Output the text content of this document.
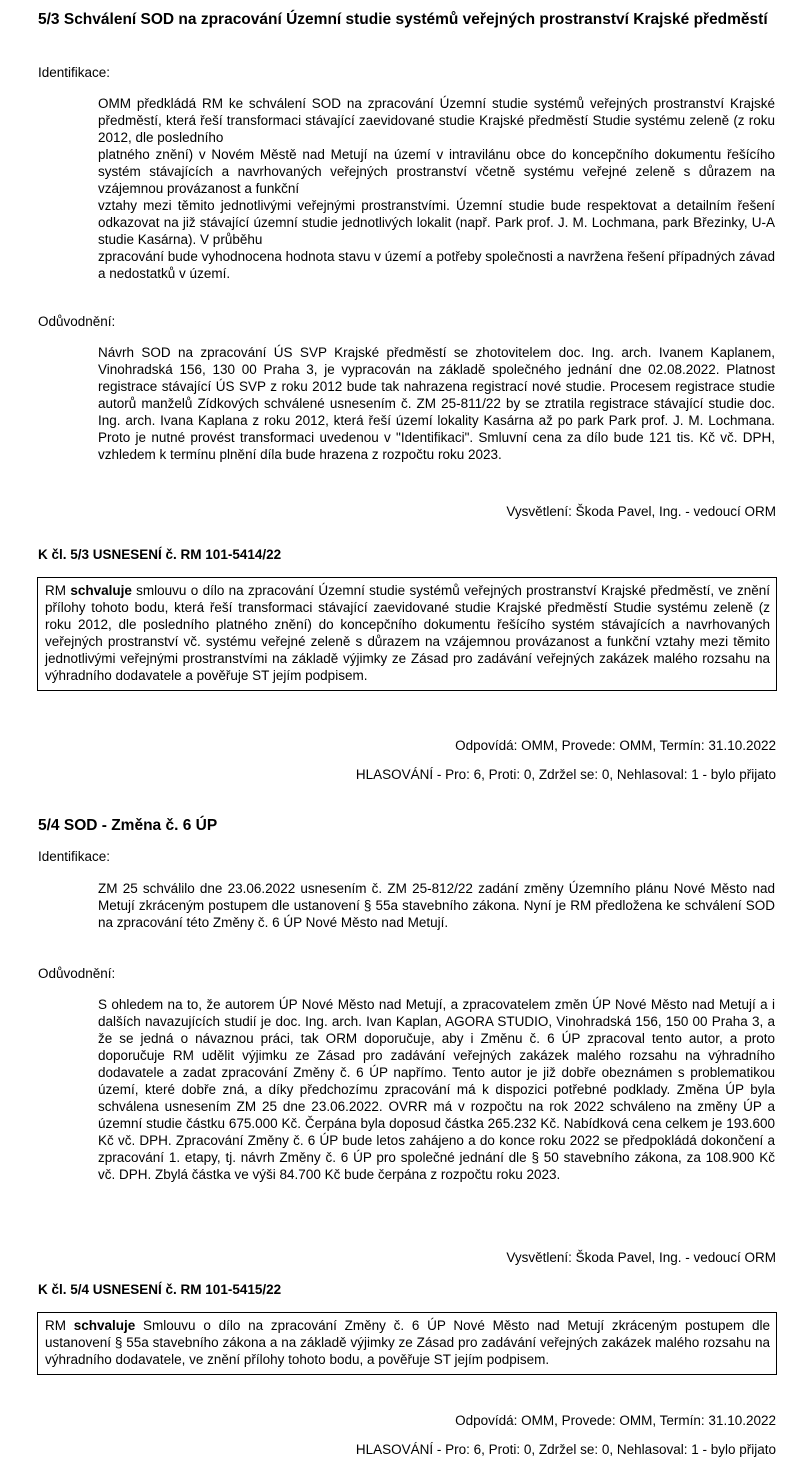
5/3 Schválení SOD na zpracování Územní studie systémů veřejných prostranství Krajské předměstí
Identifikace:

OMM předkládá RM ke schválení SOD na zpracování Územní studie systémů veřejných prostranství Krajské předměstí, která řeší transformaci stávající zaevidované studie Krajské předměstí Studie systému zeleně (z roku 2012, dle posledního

platného znění) v Novém Městě nad Metují na území v intravilánu obce do koncepčního dokumentu řešícího systém stávajících a navrhovaných veřejných prostranství včetně systému veřejné zeleně s důrazem na vzájemnou provázanost a funkční

vztahy mezi těmito jednotlivými veřejnými prostranstvími. Územní studie bude respektovat a detailním řešení odkazovat na již stávající územní studie jednotlivých lokalit (např. Park prof. J. M. Lochmana, park Březinky, U-A studie Kasárna). V průběhu

zpracování bude vyhodnocena hodnota stavu v území a potřeby společnosti a navržena řešení případných závad a nedostatků v území.

Odůvodnění:
Návrh SOD na zpracování ÚS SVP Krajské předměstí se zhotovitelem doc. Ing. arch. Ivanem Kaplanem, Vinohradská 156, 130 00 Praha 3, je vypracován na základě společného jednání dne 02.08.2022. Platnost registrace stávající ÚS SVP z roku 2012 bude tak nahrazena registrací nové studie. Procesem registrace studie autorů manželů Zídkových schválené usnesením č. ZM 25-811/22 by se ztratila registrace stávající studie doc. Ing. arch. Ivana Kaplana z roku 2012, která řeší území lokality Kasárna až po park Park prof. J. M. Lochmana. Proto je nutné provést transformaci uvedenou v "Identifikaci". Smluvní cena za dílo bude 121 tis. Kč vč. DPH, vzhledem k termínu plnění díla bude hrazena z rozpočtu roku 2023.
Vysvětlení: Škoda Pavel, Ing. - vedoucí ORM
K čl. 5/3 USNESENÍ č. RM 101-5414/22
RM schvaluje smlouvu o dílo na zpracování Územní studie systémů veřejných prostranství Krajské předměstí, ve znění přílohy tohoto bodu, která řeší transformaci stávající zaevidované studie Krajské předměstí Studie systému zeleně (z roku 2012, dle posledního platného znění) do koncepčního dokumentu řešícího systém stávajících a navrhovaných veřejných prostranství vč. systému veřejné zeleně s důrazem na vzájemnou provázanost a funkční vztahy mezi těmito jednotlivými veřejnými prostranstvími na základě výjimky ze Zásad pro zadávání veřejných zakázek malého rozsahu na výhradního dodavatele a pověřuje ST jejím podpisem.
Odpovídá: OMM, Provede: OMM, Termín: 31.10.2022
HLASOVÁNÍ - Pro: 6, Proti: 0, Zdržel se: 0, Nehlasoval: 1 - bylo přijato
5/4 SOD - Změna č. 6 ÚP
Identifikace:
ZM 25 schválilo dne 23.06.2022 usnesením č. ZM 25-812/22 zadání změny Územního plánu Nové Město nad Metují zkráceným postupem dle ustanovení § 55a stavebního zákona. Nyní je RM předložena ke schválení SOD na zpracování této Změny č. 6 ÚP Nové Město nad Metují.
Odůvodnění:
S ohledem na to, že autorem ÚP Nové Město nad Metují, a zpracovatelem změn ÚP Nové Město nad Metují a i dalších navazujících studií je doc. Ing. arch. Ivan Kaplan, AGORA STUDIO, Vinohradská 156, 150 00 Praha 3, a že se jedná o návaznou práci, tak ORM doporučuje, aby i Změnu č. 6 ÚP zpracoval tento autor, a proto doporučuje RM udělit výjimku ze Zásad pro zadávání veřejných zakázek malého rozsahu na výhradního dodavatele a zadat zpracování Změny č. 6 ÚP napřímo. Tento autor je již dobře obeznámen s problematikou území, které dobře zná, a díky předchozímu zpracování má k dispozici potřebné podklady. Změna ÚP byla schválena usnesením ZM 25 dne 23.06.2022. OVRR má v rozpočtu na rok 2022 schváleno na změny ÚP a územní studie částku 675.000 Kč. Čerpána byla doposud částka 265.232 Kč. Nabídková cena celkem je 193.600 Kč vč. DPH. Zpracování Změny č. 6 ÚP bude letos zahájeno a do konce roku 2022 se předpokládá dokončení a zpracování 1. etapy, tj. návrh Změny č. 6 ÚP pro společné jednání dle § 50 stavebního zákona, za 108.900 Kč vč. DPH. Zbylá částka ve výši 84.700 Kč bude čerpána z rozpočtu roku 2023.
Vysvětlení: Škoda Pavel, Ing. - vedoucí ORM
K čl. 5/4 USNESENÍ č. RM 101-5415/22
RM schvaluje Smlouvu o dílo na zpracování Změny č. 6 ÚP Nové Město nad Metují zkráceným postupem dle ustanovení § 55a stavebního zákona a na základě výjimky ze Zásad pro zadávání veřejných zakázek malého rozsahu na výhradního dodavatele, ve znění přílohy tohoto bodu, a pověřuje ST jejím podpisem.
Odpovídá: OMM, Provede: OMM, Termín: 31.10.2022
HLASOVÁNÍ - Pro: 6, Proti: 0, Zdržel se: 0, Nehlasoval: 1 - bylo přijato
